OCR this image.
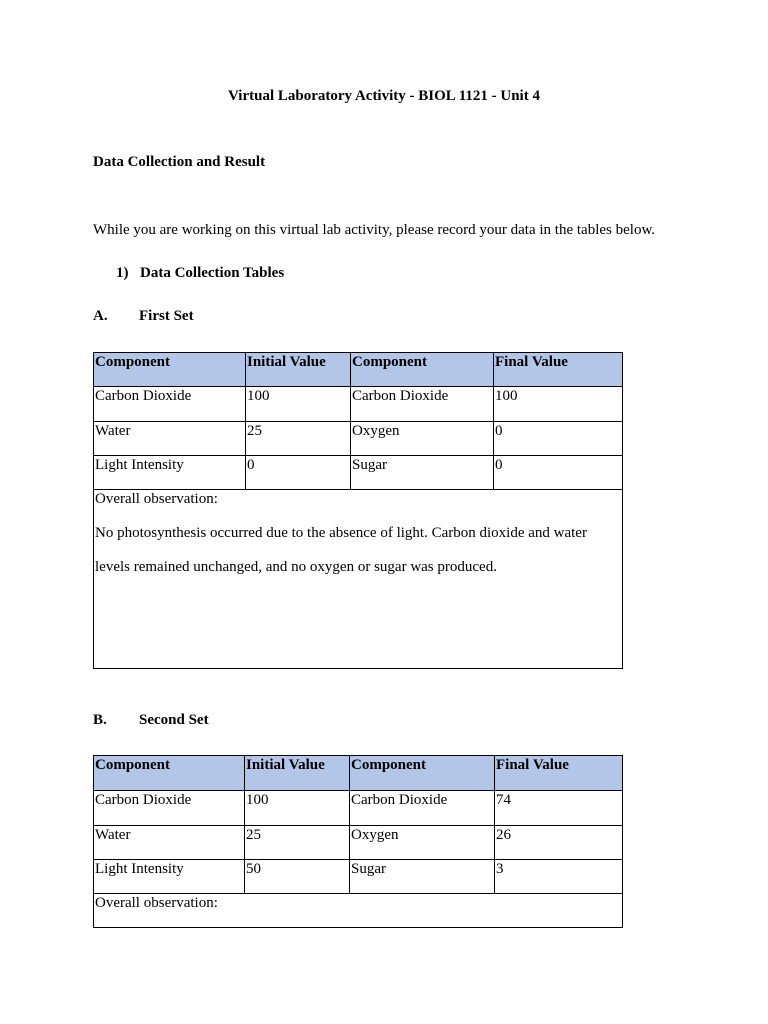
Virtual Laboratory Activity - BIOL 1121 - Unit 4
Data Collection and Result
While you are working on this virtual lab activity, please record your data in the tables below.
1) Data Collection Tables
A. First Set
Component	Initial Value	Component	Final Value
Carbon Dioxide	100	Carbon Dioxide	100
Water	25	Oxygen	0
Light Intensity	0	Sugar	0

Overall observation:

No photosynthesis occurred due to the absence of light. Carbon dioxide and water levels remained unchanged, and no oxygen or sugar was produced.			

B. Second Set
Component	Initial Value	Component	Final Value
Carbon Dioxide	100	Carbon Dioxide	74
Water	25	Oxygen	26
Light Intensity	50	Sugar	3

Overall observation:			
